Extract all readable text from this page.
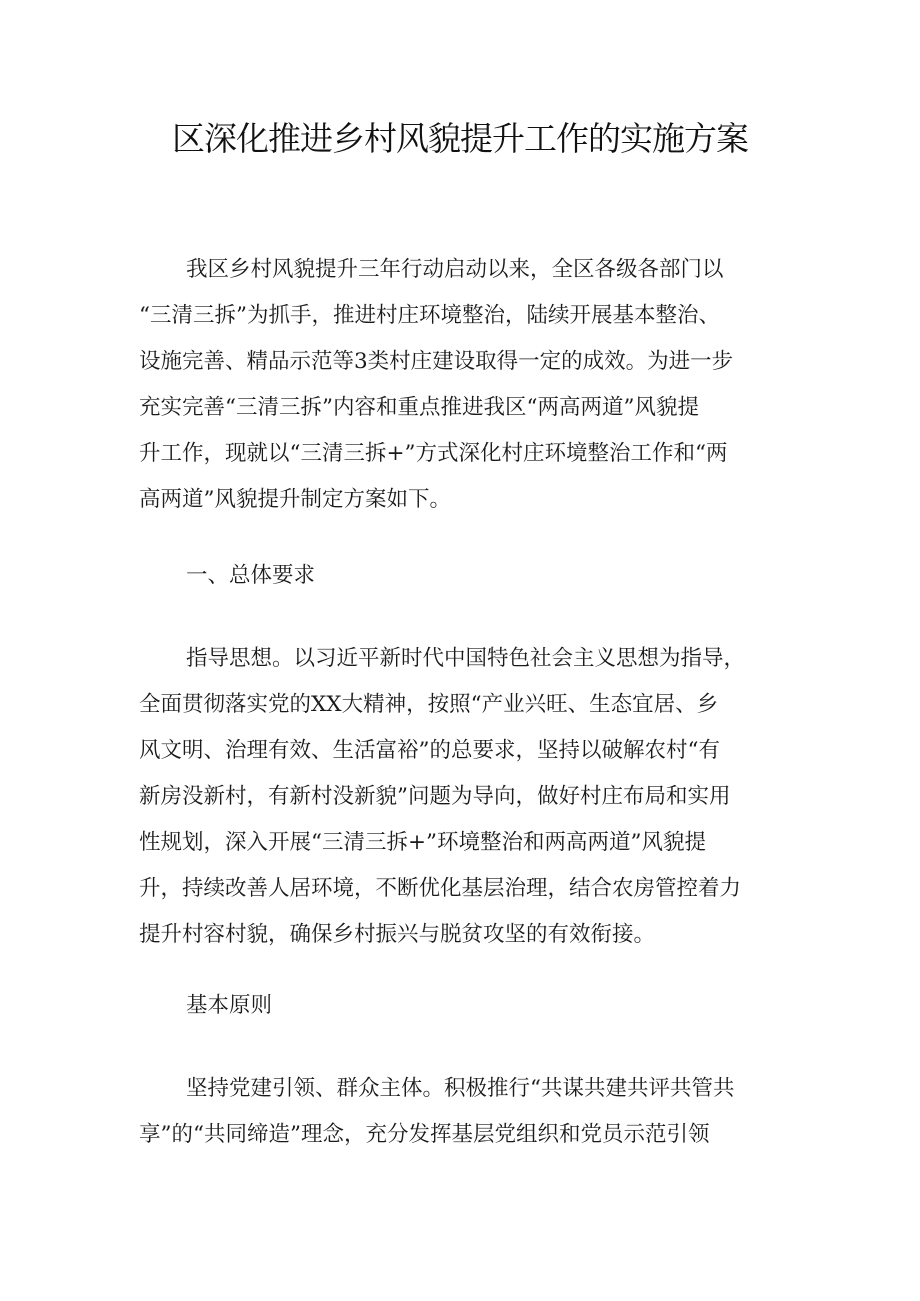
区深化推进乡村风貌提升工作的实施方案
我区乡村风貌提升三年行动启动以来，全区各级各部门以
“三清三拆”为抓手，推进村庄环境整治，陆续开展基本整治、
设施完善、精品示范等3类村庄建设取得一定的成效。为进一步
充实完善“三清三拆”内容和重点推进我区“两高两道”风貌提
升工作，现就以“三清三拆+”方式深化村庄环境整治工作和“两
高两道”风貌提升制定方案如下。
一、总体要求
指导思想。以习近平新时代中国特色社会主义思想为指导，
全面贯彻落实党的XX大精神，按照“产业兴旺、生态宜居、乡
风文明、治理有效、生活富裕”的总要求，坚持以破解农村“有
新房没新村，有新村没新貌”问题为导向，做好村庄布局和实用
性规划，深入开展“三清三拆+”环境整治和两高两道”风貌提
升，持续改善人居环境，不断优化基层治理，结合农房管控着力
提升村容村貌，确保乡村振兴与脱贫攻坚的有效衔接。
基本原则
坚持党建引领、群众主体。积极推行“共谋共建共评共管共
享”的“共同缔造”理念，充分发挥基层党组织和党员示范引领
